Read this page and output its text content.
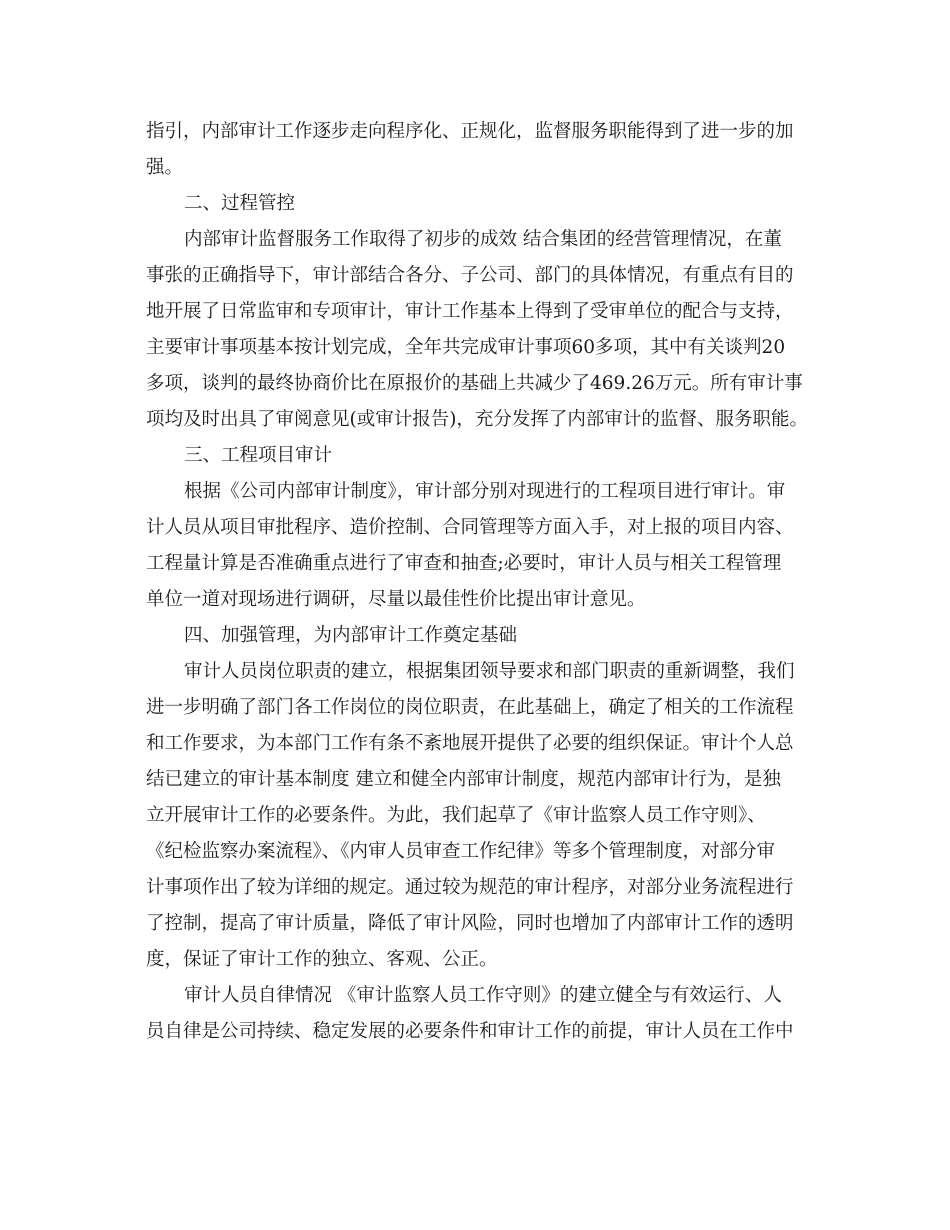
指引，内部审计工作逐步走向程序化、正规化，监督服务职能得到了进一步的加
强。
二、过程管控
内部审计监督服务工作取得了初步的成效 结合集团的经营管理情况，在董
事张的正确指导下，审计部结合各分、子公司、部门的具体情况，有重点有目的
地开展了日常监审和专项审计，审计工作基本上得到了受审单位的配合与支持，
主要审计事项基本按计划完成，全年共完成审计事项60多项，其中有关谈判20
多项，谈判的最终协商价比在原报价的基础上共减少了469.26万元。所有审计事
项均及时出具了审阅意见(或审计报告)，充分发挥了内部审计的监督、服务职能。
三、工程项目审计
根据《公司内部审计制度》，审计部分别对现进行的工程项目进行审计。审
计人员从项目审批程序、造价控制、合同管理等方面入手，对上报的项目内容、
工程量计算是否准确重点进行了审查和抽查;必要时，审计人员与相关工程管理
单位一道对现场进行调研，尽量以最佳性价比提出审计意见。
四、加强管理，为内部审计工作奠定基础
审计人员岗位职责的建立，根据集团领导要求和部门职责的重新调整，我们
进一步明确了部门各工作岗位的岗位职责，在此基础上，确定了相关的工作流程
和工作要求，为本部门工作有条不紊地展开提供了必要的组织保证。审计个人总
结已建立的审计基本制度 建立和健全内部审计制度，规范内部审计行为，是独
立开展审计工作的必要条件。为此，我们起草了《审计监察人员工作守则》、
《纪检监察办案流程》、《内审人员审查工作纪律》等多个管理制度，对部分审
计事项作出了较为详细的规定。通过较为规范的审计程序，对部分业务流程进行
了控制，提高了审计质量，降低了审计风险，同时也增加了内部审计工作的透明
度，保证了审计工作的独立、客观、公正。
审计人员自律情况 《审计监察人员工作守则》的建立健全与有效运行、人
员自律是公司持续、稳定发展的必要条件和审计工作的前提，审计人员在工作中
